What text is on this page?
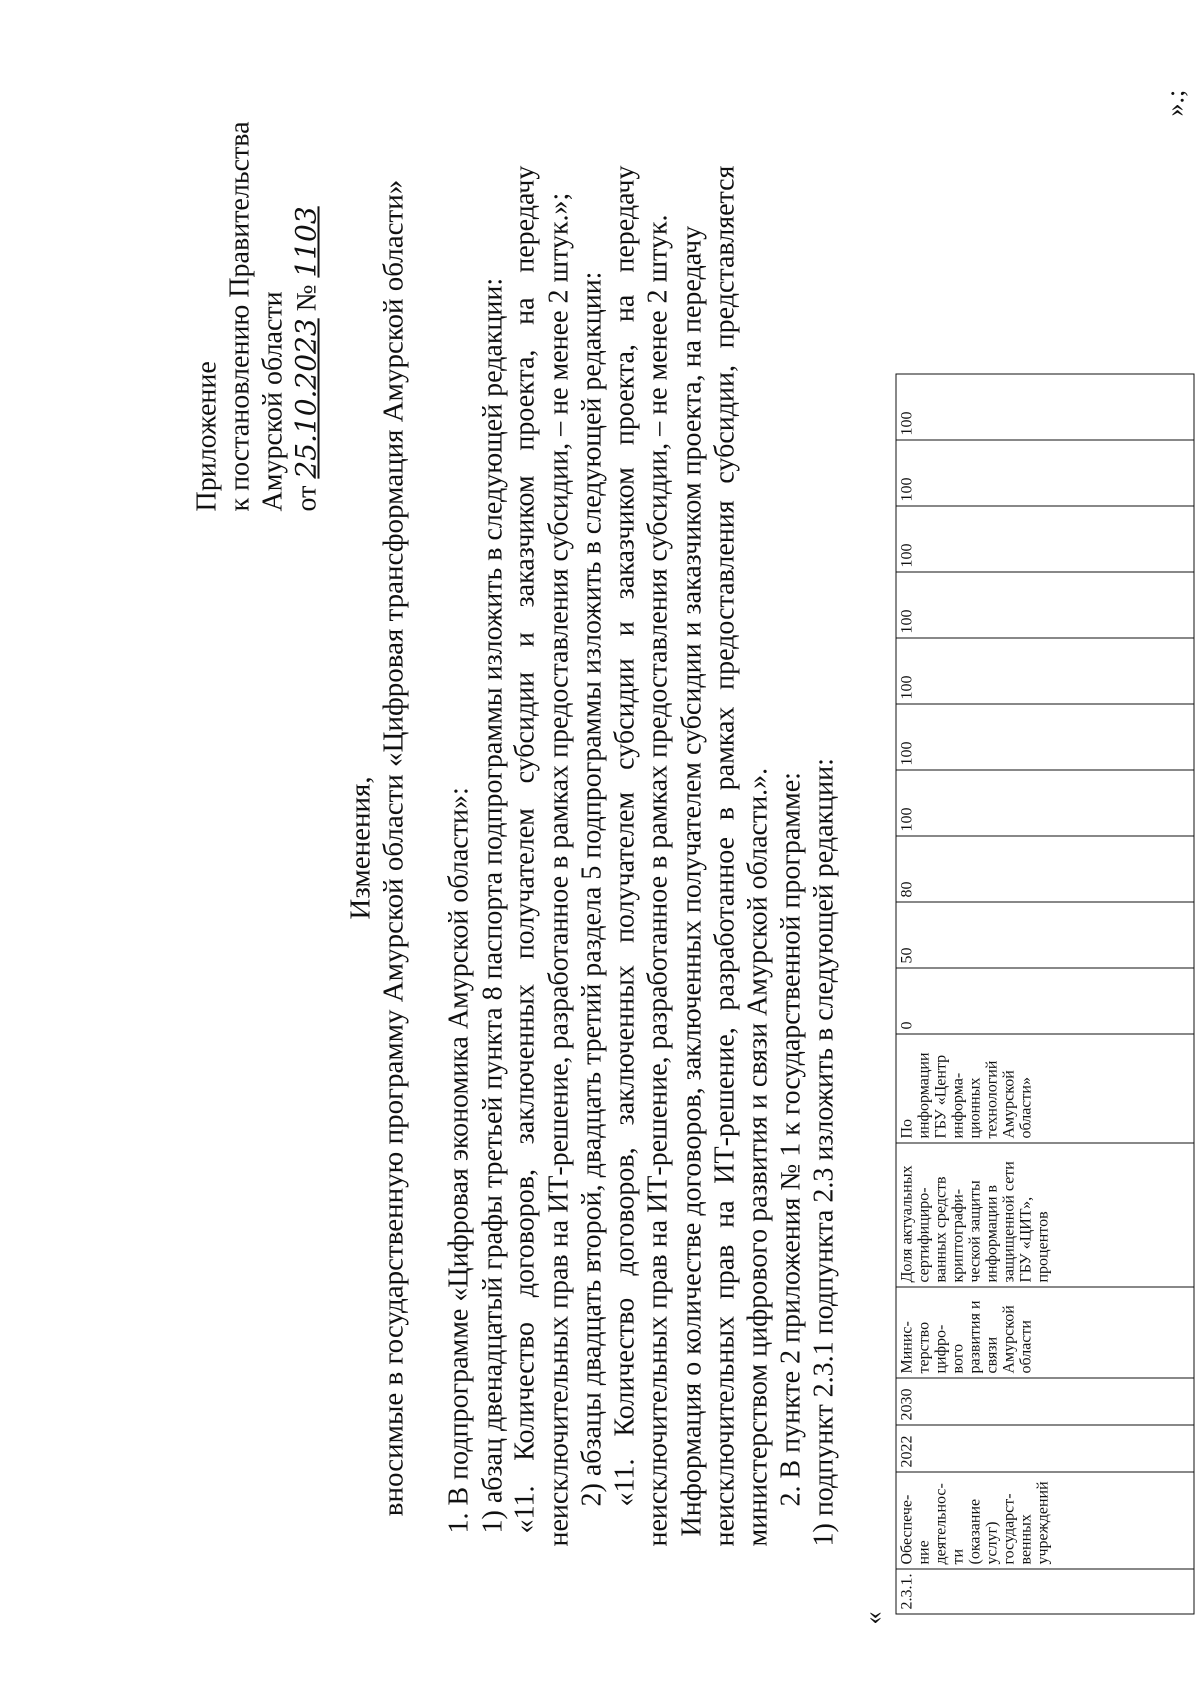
Приложение к постановлению Правительства Амурской области от 25.10.2023 № 1103
Изменения, вносимые в государственную программу Амурской области «Цифровая трансформация Амурской области» 1. В подпрограмме «Цифровая экономика Амурской области»: 1) абзац двенадцатый графы третьей пункта 8 паспорта подпрограммы изложить в следующей редакции: «11.
Количество
договоров,
заключенных
получателем
субсидии
и
заказчиком
проекта,
на
передачу неисключительных прав на ИТ-решение, разработанное в рамках предоставления субсидии, – не менее 2 штук.»; 2) абзацы двадцать второй, двадцать третий раздела 5 подпрограммы изложить в следующей редакции: «11.
Количество
договоров,
заключенных
получателем
субсидии
и
заказчиком
проекта,
на
передачу неисключительных прав на ИТ-решение, разработанное в рамках предоставления субсидии, – не менее 2 штук. Информация о количестве договоров, заключенных получателем субсидии и заказчиком проекта, на передачу неисключительных
прав
на
ИТ-решение,
разработанное
в
рамках
предоставления
субсидии,
представляется
министерством цифрового развития и связи Амурской области.». 2. В пункте 2 приложения № 1 к государственной программе: 1) подпункт 2.3.1 подпункта 2.3 изложить в следующей редакции:
«
2.3.1.	Обеспече-
ние
деятельнос-
ти
(оказание
услуг)
государст-
венных
учреждений	2022	2030	Минис-
терство
цифро-
вого
развития и
связи
Амурской
области	Доля актуальных
сертифициро-
ванных средств
криптографи-
ческой защиты
информации в
защищенной сети
ГБУ «ЦИТ»,
процентов	По
информации
ГБУ «Центр
информа-
ционных
технологий
Амурской
области»	0	50	80	100	100	100	100	100	100	100
».;
